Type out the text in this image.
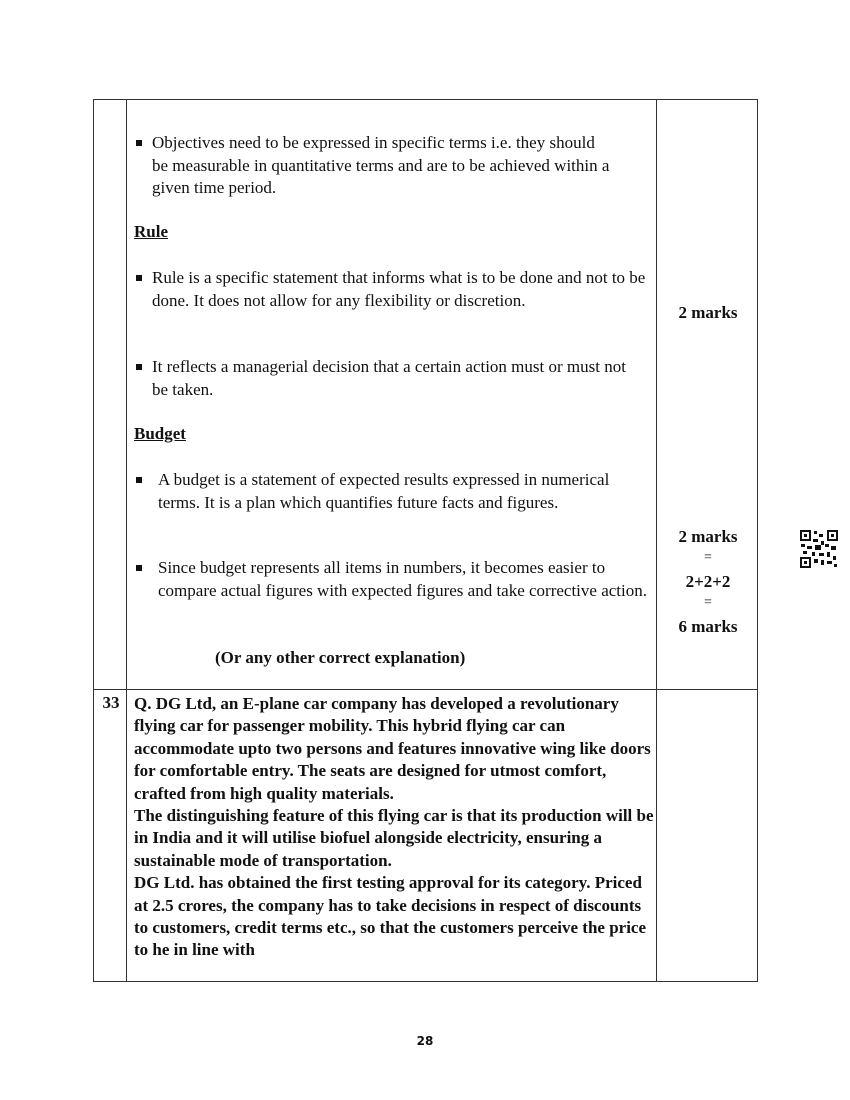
Objectives need to be expressed in specific terms i.e. they should be measurable in quantitative terms and are to be achieved within a given time period.
Rule
Rule is a specific statement that informs what is to be done and not to be done. It does not allow for any flexibility or discretion.
It reflects a managerial decision that a certain action must or must not be taken.
Budget
A budget is a statement of expected results expressed in numerical terms. It is a plan which quantifies future facts and figures.
Since budget represents all items in numbers, it becomes easier to compare actual figures with expected figures and take corrective action.
(Or any other correct explanation)
2 marks
2 marks
=
2+2+2
=
6 marks
33 Q. DG Ltd, an E-plane car company has developed a revolutionary flying car for passenger mobility. This hybrid flying car can accommodate upto two persons and features innovative wing like doors for comfortable entry. The seats are designed for utmost comfort, crafted from high quality materials.
The distinguishing feature of this flying car is that its production will be in India and it will utilise biofuel alongside electricity, ensuring a sustainable mode of transportation.
DG Ltd. has obtained the first testing approval for its category. Priced at 2.5 crores, the company has to take decisions in respect of discounts to customers, credit terms etc., so that the customers perceive the price to he in line with
28
